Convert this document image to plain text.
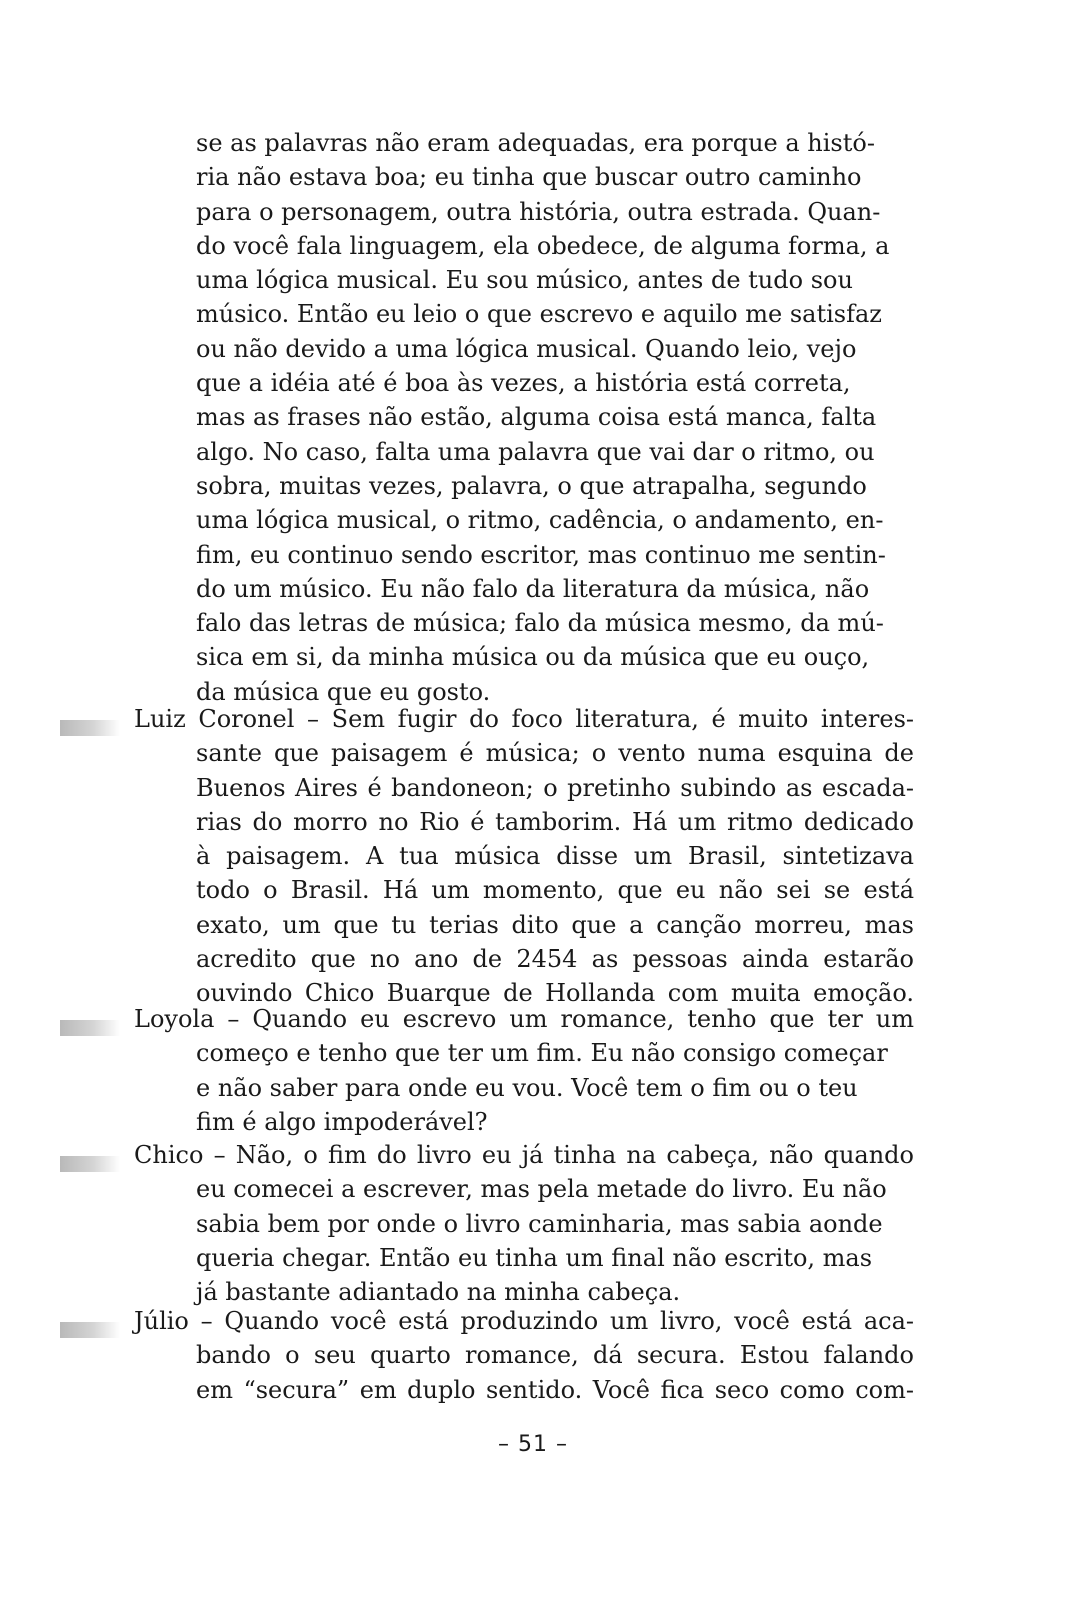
se as palavras não eram adequadas, era porque a histó-
ria não estava boa; eu tinha que buscar outro caminho
para o personagem, outra história, outra estrada. Quan-
do você fala linguagem, ela obedece, de alguma forma, a
uma lógica musical. Eu sou músico, antes de tudo sou
músico. Então eu leio o que escrevo e aquilo me satisfaz
ou não devido a uma lógica musical. Quando leio, vejo
que a idéia até é boa às vezes, a história está correta,
mas as frases não estão, alguma coisa está manca, falta
algo. No caso, falta uma palavra que vai dar o ritmo, ou
sobra, muitas vezes, palavra, o que atrapalha, segundo
uma lógica musical, o ritmo, cadência, o andamento, en-
fim, eu continuo sendo escritor, mas continuo me sentin-
do um músico. Eu não falo da literatura da música, não
falo das letras de música; falo da música mesmo, da mú-
sica em si, da minha música ou da música que eu ouço,
da música que eu gosto.
Luiz Coronel – Sem fugir do foco literatura, é muito interes-
sante que paisagem é música; o vento numa esquina de
Buenos Aires é bandoneon; o pretinho subindo as escada-
rias do morro no Rio é tamborim. Há um ritmo dedicado
à paisagem. A tua música disse um Brasil, sintetizava
todo o Brasil. Há um momento, que eu não sei se está
exato, um que tu terias dito que a canção morreu, mas
acredito que no ano de 2454 as pessoas ainda estarão
ouvindo Chico Buarque de Hollanda com muita emoção.
Loyola – Quando eu escrevo um romance, tenho que ter um
começo e tenho que ter um fim. Eu não consigo começar
e não saber para onde eu vou. Você tem o fim ou o teu
fim é algo impoderável?
Chico – Não, o fim do livro eu já tinha na cabeça, não quando
eu comecei a escrever, mas pela metade do livro. Eu não
sabia bem por onde o livro caminharia, mas sabia aonde
queria chegar. Então eu tinha um final não escrito, mas
já bastante adiantado na minha cabeça.
Júlio – Quando você está produzindo um livro, você está aca-
bando o seu quarto romance, dá secura. Estou falando
em “secura” em duplo sentido. Você fica seco como com-
– 51 –
